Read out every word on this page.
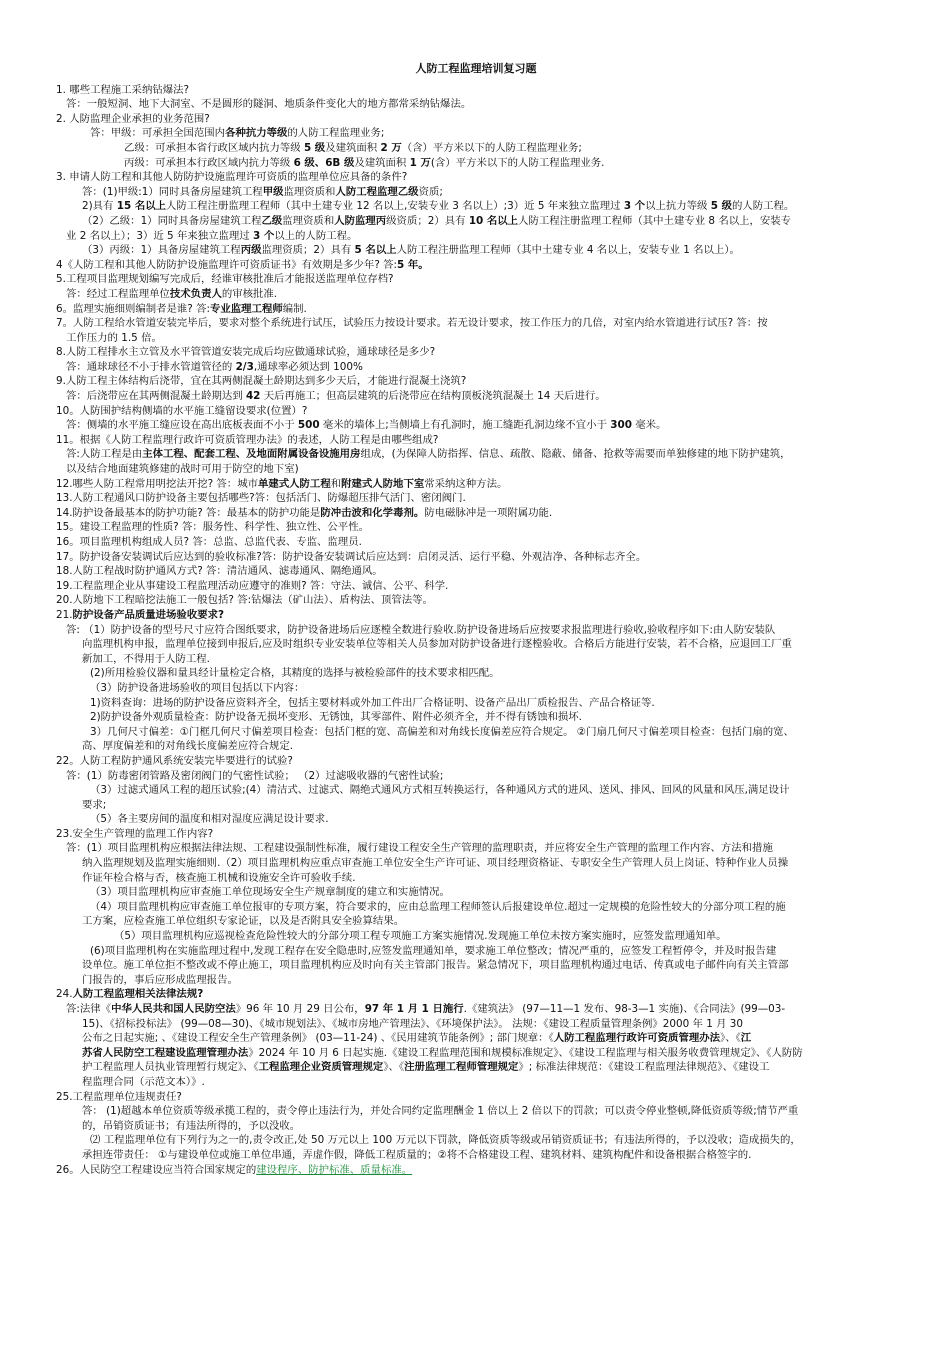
人防工程监理培训复习题
1. 哪些工程施工采纳钻爆法?
答：一般短洞、地下大洞室、不是圆形的隧洞、地质条件变化大的地方都常采纳钻爆法。
2. 人防监理企业承担的业务范围?
答：甲级：可承担全国范围内各种抗力等级的人防工程监理业务;
乙级：可承担本省行政区域内抗力等级 5 级及建筑面积 2 万（含）平方米以下的人防工程监理业务;
丙级：可承担本行政区域内抗力等级 6 级、6B 级及建筑面积 1 万(含）平方米以下的人防工程监理业务.
3. 申请人防工程和其他人防防护设施监理许可资质的监理单位应具备的条件?
答：(1)甲级:1）同时具备房屋建筑工程甲级监理资质和人防工程监理乙级资质;
2)具有 15 名以上人防工程注册监理工程师（其中土建专业 12 名以上,安装专业 3 名以上）;3）近 5 年来独立监理过 3 个以上抗力等级 5 级的人防工程。
（2）乙级：1）同时具备房屋建筑工程乙级监理资质和人防监理丙级资质；2）具有 10 名以上人防工程注册监理工程师（其中土建专业 8 名以上，安装专
业 2 名以上）；3）近 5 年来独立监理过 3 个以上的人防工程。
（3）丙级：1）具备房屋建筑工程丙级监理资质；2）具有 5 名以上人防工程注册监理工程师（其中土建专业 4 名以上，安装专业 1 名以上）。
4《人防工程和其他人防防护设施监理许可资质证书》有效期是多少年? 答:5 年。
5.工程项目监理规划编写完成后，经谁审核批准后才能报送监理单位存档?
答：经过工程监理单位技术负责人的审核批准.
6。监理实施细则编制者是谁? 答:专业监理工程师编制.
7。人防工程给水管道安装完毕后，要求对整个系统进行试压，试验压力按设计要求。若无设计要求，按工作压力的几倍，对室内给水管道进行试压? 答：按
工作压力的 1.5 倍。
8.人防工程排水主立管及水平管管道安装完成后均应做通球试验，通球球径是多少?
答：通球球径不小于排水管道管径的 2/3,通球率必须达到 100%
9.人防工程主体结构后浇带，宜在其两侧混凝土龄期达到多少天后，才能进行混凝土浇筑?
答：后浇带应在其两侧混凝土龄期达到 42 天后再施工；但高层建筑的后浇带应在结构顶板浇筑混凝土 14 天后进行。
10。人防围护结构侧墙的水平施工缝留设要求(位置）?
答：侧墙的水平施工缝应设在高出底板表面不小于 500 毫米的墙体上;当侧墙上有孔洞时，施工缝距孔洞边缘不宜小于 300 毫米。
11。根据《人防工程监理行政许可资质管理办法》的表述，人防工程是由哪些组成?
答:人防工程是由主体工程、配套工程、及地面附属设备设施用房组成，(为保障人防指挥、信息、疏散、隐蔽、储备、抢救等需要而单独修建的地下防护建筑，
以及结合地面建筑修建的战时可用于防空的地下室)
12.哪些人防工程常用明挖法开挖? 答：城市单建式人防工程和附建式人防地下室常采纳这种方法。
13.人防工程通风口防护设备主要包括哪些?答：包括活门、防爆超压排气活门、密闭阀门.
14.防护设备最基本的防护功能? 答：最基本的防护功能是防冲击波和化学毒剂。防电磁脉冲是一项附属功能.
15。建设工程监理的性质? 答：服务性、科学性、独立性、公平性。
16。项目监理机构组成人员? 答：总监、总监代表、专监、监理员.
17。防护设备安装调试后应达到的验收标准?答：防护设备安装调试后应达到：启闭灵活、运行平稳、外观洁净、各种标志齐全。
18.人防工程战时防护通风方式? 答：清洁通风、滤毒通风、隔绝通风。
19.工程监理企业从事建设工程监理活动应遵守的准则? 答：守法、诚信、公平、科学.
20.人防地下工程暗挖法施工一般包括? 答:钻爆法（矿山法）、盾构法、顶管法等。
21.防护设备产品质量进场验收要求?
答: （1）防护设备的型号尺寸应符合图纸要求，防护设备进场后应逐樘全数进行验收.防护设备进场后应按要求报监理进行验收,验收程序如下:由人防安装队
向监理机构申报，监理单位接到申报后,应及时组织专业安装单位等相关人员参加对防护设备进行逐樘验收。合格后方能进行安装，若不合格，应退回工厂重
新加工，不得用于人防工程.
(2)所用检验仪器和量具经计量检定合格，其精度的选择与被检验部件的技术要求相匹配。
（3）防护设备进场验收的项目包括以下内容：
1)资料查询：进场的防护设备应资料齐全，包括主要材料或外加工件出厂合格证明、设备产品出厂质检报告、产品合格证等.
2)防护设备外观质量检查：防护设备无损坏变形、无锈蚀，其零部件、附件必须齐全，并不得有锈蚀和损坏.
3）几何尺寸偏差：①门框几何尺寸偏差项目检查：包括门框的宽、高偏差和对角线长度偏差应符合规定。 ②门扇几何尺寸偏差项目检查：包括门扇的宽、
高、厚度偏差和的对角线长度偏差应符合规定.
22。人防工程防护通风系统安装完毕要进行的试验?
答：(1）防毒密闭管路及密闭阀门的气密性试验； （2）过滤吸收器的气密性试验;
（3）过滤式通风工程的超压试验;(4）清洁式、过滤式、隔绝式通风方式相互转换运行，各种通风方式的进风、送风、排风、回风的风量和风压,满足设计
要求;
（5）各主要房间的温度和相对湿度应满足设计要求.
23.安全生产管理的监理工作内容?
答：(1）项目监理机构应根据法律法规、工程建设强制性标准，履行建设工程安全生产管理的监理职责，并应将安全生产管理的监理工作内容、方法和措施
纳入监理规划及监理实施细则.（2）项目监理机构应重点审查施工单位安全生产许可证、项目经理资格证、专职安全生产管理人员上岗证、特种作业人员操
作证年检合格与否，核查施工机械和设施安全许可验收手续.
（3）项目监理机构应审查施工单位现场安全生产规章制度的建立和实施情况。
（4）项目监理机构应审查施工单位报审的专项方案，符合要求的，应由总监理工程师签认后报建设单位.超过一定规模的危险性较大的分部分项工程的施
工方案，应检查施工单位组织专家论证，以及是否附具安全验算结果。
（5）项目监理机构应巡视检查危险性较大的分部分项工程专项施工方案实施情况.发现施工单位未按方案实施时，应签发监理通知单。
(6)项目监理机构在实施监理过程中,发现工程存在安全隐患时,应签发监理通知单，要求施工单位整改；情况严重的，应签发工程暂停令，并及时报告建
设单位。施工单位拒不整改或不停止施工，项目监理机构应及时向有关主管部门报告。紧急情况下，项目监理机构通过电话、传真或电子邮件向有关主管部
门报告的，事后应形成监理报告。
24.人防工程监理相关法律法规?
答:法律《中华人民共和国人民防空法》96 年 10 月 29 日公布，97 年 1 月 1 日施行.《建筑法》 (97—11—1 发布、98-3—1 实施)、《合同法》(99—03-
15)、《招标投标法》 (99—08—30)、《城市规划法》、《城市房地产管理法》、《环境保护法》。 法规：《建设工程质量管理条例》2000 年 1 月 30
公布之日起实施; 、《建设工程安全生产管理条例》 (03—11-24) 、《民用建筑节能条例》; 部门规章：《人防工程监理行政许可资质管理办法》、《江
苏省人民防空工程建设监理管理办法》2024 年 10 月 6 日起实施.《建设工程监理范围和规模标准规定》、《建设工程监理与相关服务收费管理规定》、《人防防
护工程监理人员执业管理暂行规定》、《工程监理企业资质管理规定》、《注册监理工程师管理规定》; 标准法律规范：《建设工程监理法律规范》、《建设工
程监理合同（示范文本）》.
25.工程监理单位违规责任?
答： (1)超越本单位资质等级承揽工程的，责令停止违法行为，并处合同约定监理酬金 1 倍以上 2 倍以下的罚款；可以责令停业整顿,降低资质等级;情节严重
的，吊销资质证书；有违法所得的，予以没收。
⑵ 工程监理单位有下列行为之一的,责令改正,处 50 万元以上 100 万元以下罚款，降低资质等级或吊销资质证书；有违法所得的，予以没收；造成损失的，
承担连带责任： ①与建设单位或施工单位串通，弄虚作假，降低工程质量的；②将不合格建设工程、建筑材料、建筑构配件和设备根据合格签字的.
26。人民防空工程建设应当符合国家规定的建设程序、防护标准、质量标准。
